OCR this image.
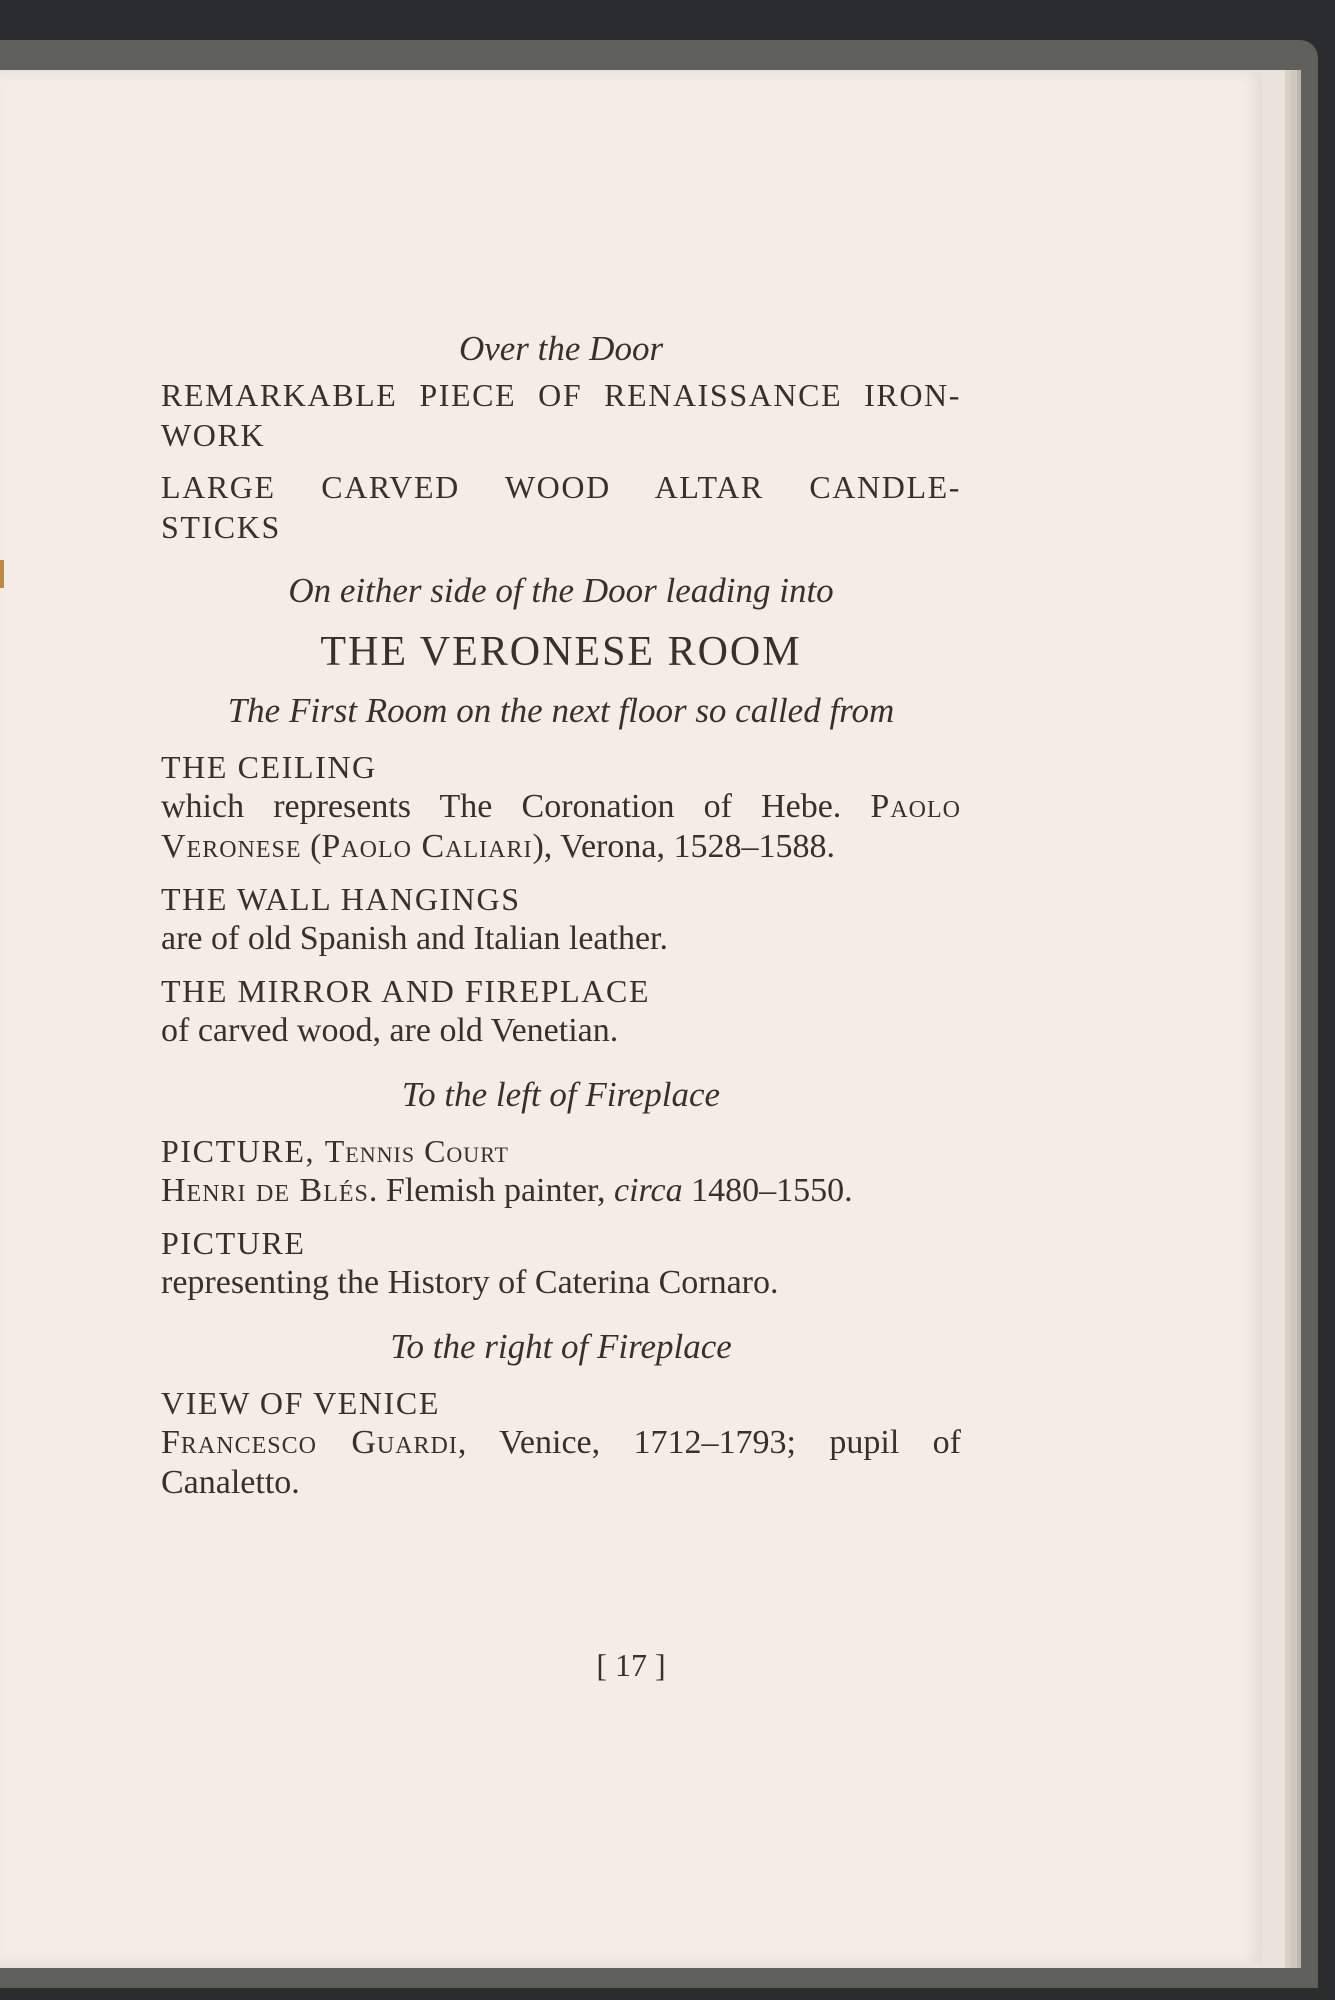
Over the Door
REMARKABLE PIECE OF RENAISSANCE IRON-
WORK
LARGE CARVED WOOD ALTAR CANDLE-
STICKS
On either side of the Door leading into
THE VERONESE ROOM
The First Room on the next floor so called from
THE CEILING
which represents The Coronation of Hebe. Paolo
Veronese (Paolo Caliari), Verona, 1528–1588.
THE WALL HANGINGS
are of old Spanish and Italian leather.
THE MIRROR AND FIREPLACE
of carved wood, are old Venetian.
To the left of Fireplace
PICTURE, Tennis Court
Henri de Blés. Flemish painter, circa 1480–1550.
PICTURE
representing the History of Caterina Cornaro.
To the right of Fireplace
VIEW OF VENICE
Francesco Guardi, Venice, 1712–1793; pupil of
Canaletto.
[ 17 ]
